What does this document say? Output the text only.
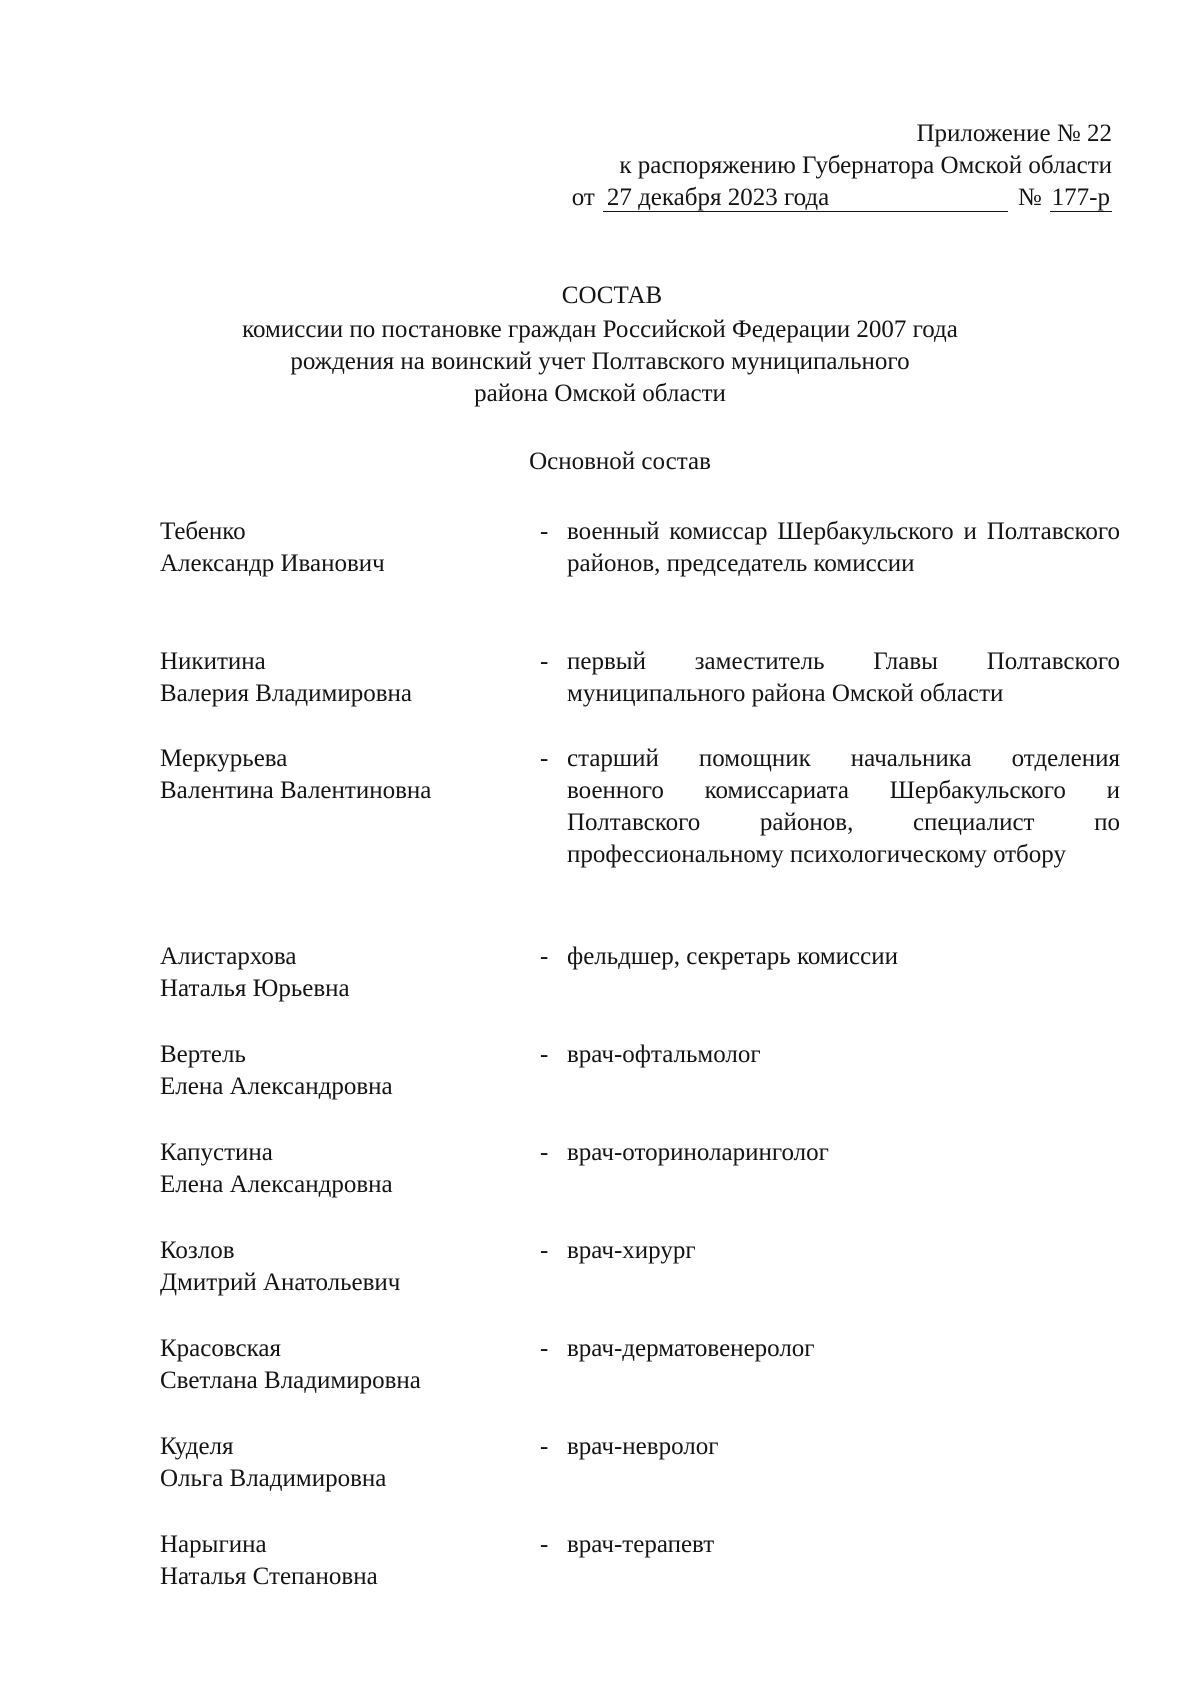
Приложение № 22
к распоряжению Губернатора Омской области
от 27 декабря 2023 года	№ 177-р
СОСТАВ
комиссии по постановке граждан Российской Федерации 2007 года
рождения на воинский учет Полтавского муниципального
района Омской области
Основной состав
Тебенко
Александр Иванович
- военный комиссар Шербакульского и Полтавского районов, председатель комиссии
Никитина
Валерия Владимировна
- первый заместитель Главы Полтавского муниципального района Омской области
Меркурьева
Валентина Валентиновна
- старший помощник начальника отделения военного комиссариата Шербакульского и Полтавского районов, специалист по профессиональному психологическому отбору
Алистархова
Наталья Юрьевна
- фельдшер, секретарь комиссии
Вертель
Елена Александровна
- врач-офтальмолог
Капустина
Елена Александровна
- врач-оториноларинголог
Козлов
Дмитрий Анатольевич
- врач-хирург
Красовская
Светлана Владимировна
- врач-дерматовенеролог
Куделя
Ольга Владимировна
- врач-невролог
Нарыгина
Наталья Степановна
- врач-терапевт
